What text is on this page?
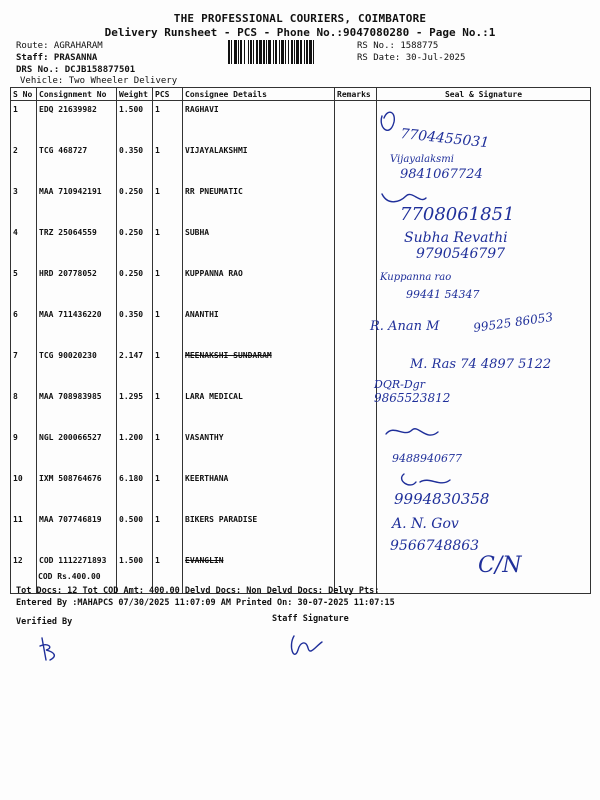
THE PROFESSIONAL COURIERS, COIMBATORE
Delivery Runsheet - PCS - Phone No.:9047080280 - Page No.:1
Route: AGRAHARAM
Staff: PRASANNA
DRS No.: DCJB158877501
Vehicle: Two Wheeler Delivery
RS No.: 1588775
RS Date: 30-Jul-2025
S No	Consignment No	Weight	PCS	Consignee Details	Remarks	Seal & Signature
1	EDQ 21639982	1.500	1	RAGHAVI		
2	TCG 468727	0.350	1	VIJAYALAKSHMI		
3	MAA 710942191	0.250	1	RR PNEUMATIC		
4	TRZ 25064559	0.250	1	SUBHA		
5	HRD 20778052	0.250	1	KUPPANNA RAO		
6	MAA 711436220	0.350	1	ANANTHI		
7	TCG 90020230	2.147	1	MEENAKSHI SUNDARAM		
8	MAA 708983985	1.295	1	LARA MEDICAL		
9	NGL 200066527	1.200	1	VASANTHY		
10	IXM 508764676	6.180	1	KEERTHANA		
11	MAA 707746819	0.500	1	BIKERS PARADISE		
12	COD 1112271893	1.500	1	EVANGLIN		
COD Rs.400.00
Tot Docs: 12 Tot COD Amt: 400.00 Delvd Docs: Non Delvd Docs: Delvy Pts:
Entered By :MAHAPCS 07/30/2025 11:07:09 AM Printed On: 30-07-2025 11:07:15
Verified By	Staff Signature
7704455031
Vijayalaksmi
9841067724
7708061851
Subha Revathi
9790546797
Kuppanna rao
99441 54347
R. Anan M	99525 86053
M. Ras 74 4897 5122
DQR-Dgr
9865523812
9488940677
9994830358
A. N. Gov
9566748863
C/N
